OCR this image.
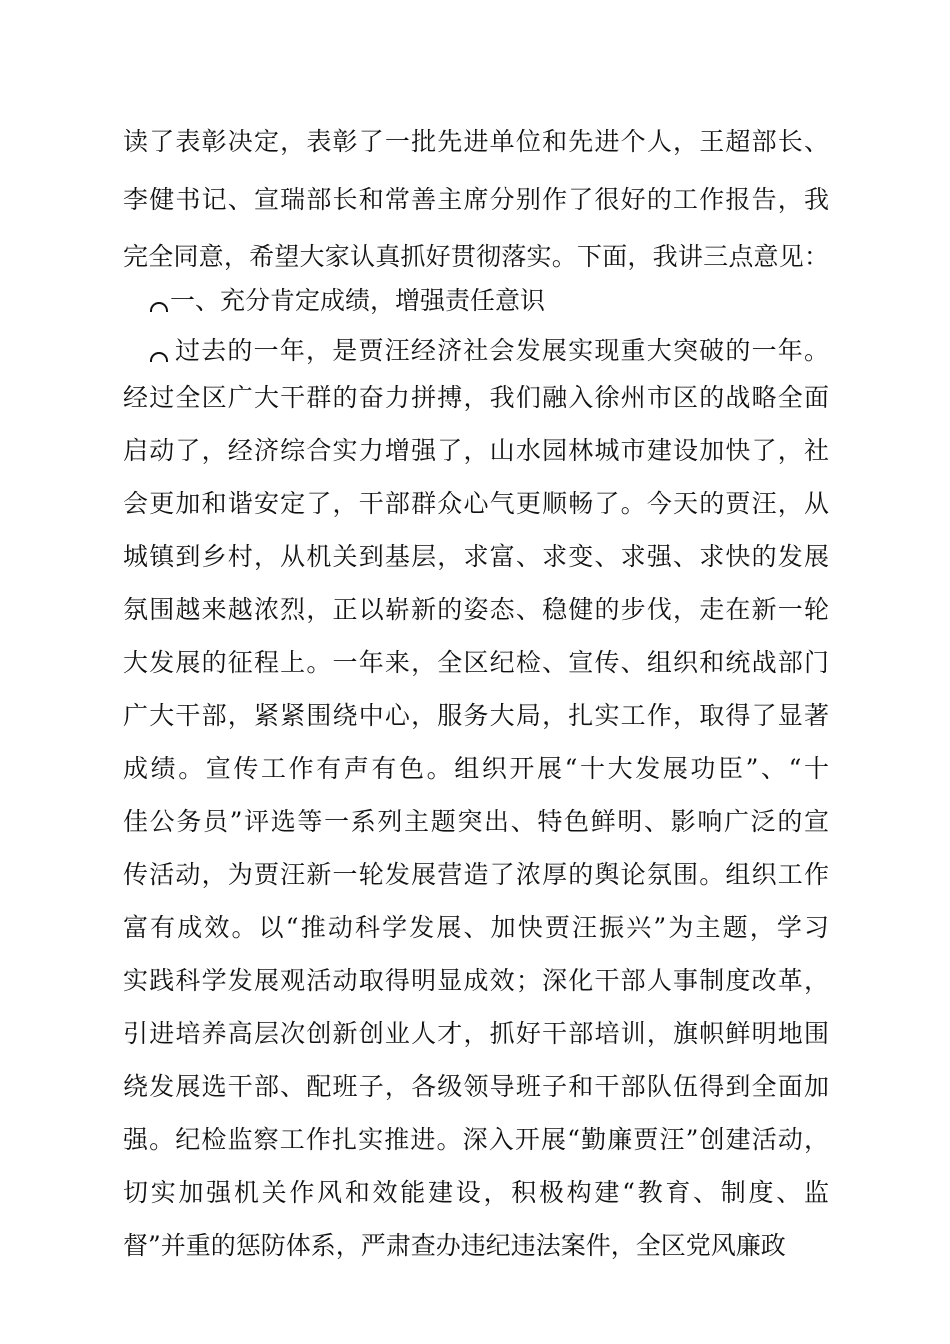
读了表彰决定，表彰了一批先进单位和先进个人，王超部长、
李健书记、宣瑞部长和常善主席分别作了很好的工作报告，我
完全同意，希望大家认真抓好贯彻落实。下面，我讲三点意见：
一、充分肯定成绩，增强责任意识
过去的一年，是贾汪经济社会发展实现重大突破的一年。
经过全区广大干群的奋力拼搏，我们融入徐州市区的战略全面
启动了，经济综合实力增强了，山水园林城市建设加快了，社
会更加和谐安定了，干部群众心气更顺畅了。今天的贾汪，从
城镇到乡村，从机关到基层，求富、求变、求强、求快的发展
氛围越来越浓烈，正以崭新的姿态、稳健的步伐，走在新一轮
大发展的征程上。一年来，全区纪检、宣传、组织和统战部门
广大干部，紧紧围绕中心，服务大局，扎实工作，取得了显著
成绩。宣传工作有声有色。组织开展“十大发展功臣”、“十
佳公务员”评选等一系列主题突出、特色鲜明、影响广泛的宣
传活动，为贾汪新一轮发展营造了浓厚的舆论氛围。组织工作
富有成效。以“推动科学发展、加快贾汪振兴”为主题，学习
实践科学发展观活动取得明显成效；深化干部人事制度改革，
引进培养高层次创新创业人才，抓好干部培训，旗帜鲜明地围
绕发展选干部、配班子，各级领导班子和干部队伍得到全面加
强。纪检监察工作扎实推进。深入开展“勤廉贾汪”创建活动，
切实加强机关作风和效能建设，积极构建“教育、制度、监
督”并重的惩防体系，严肃查办违纪违法案件，全区党风廉政
